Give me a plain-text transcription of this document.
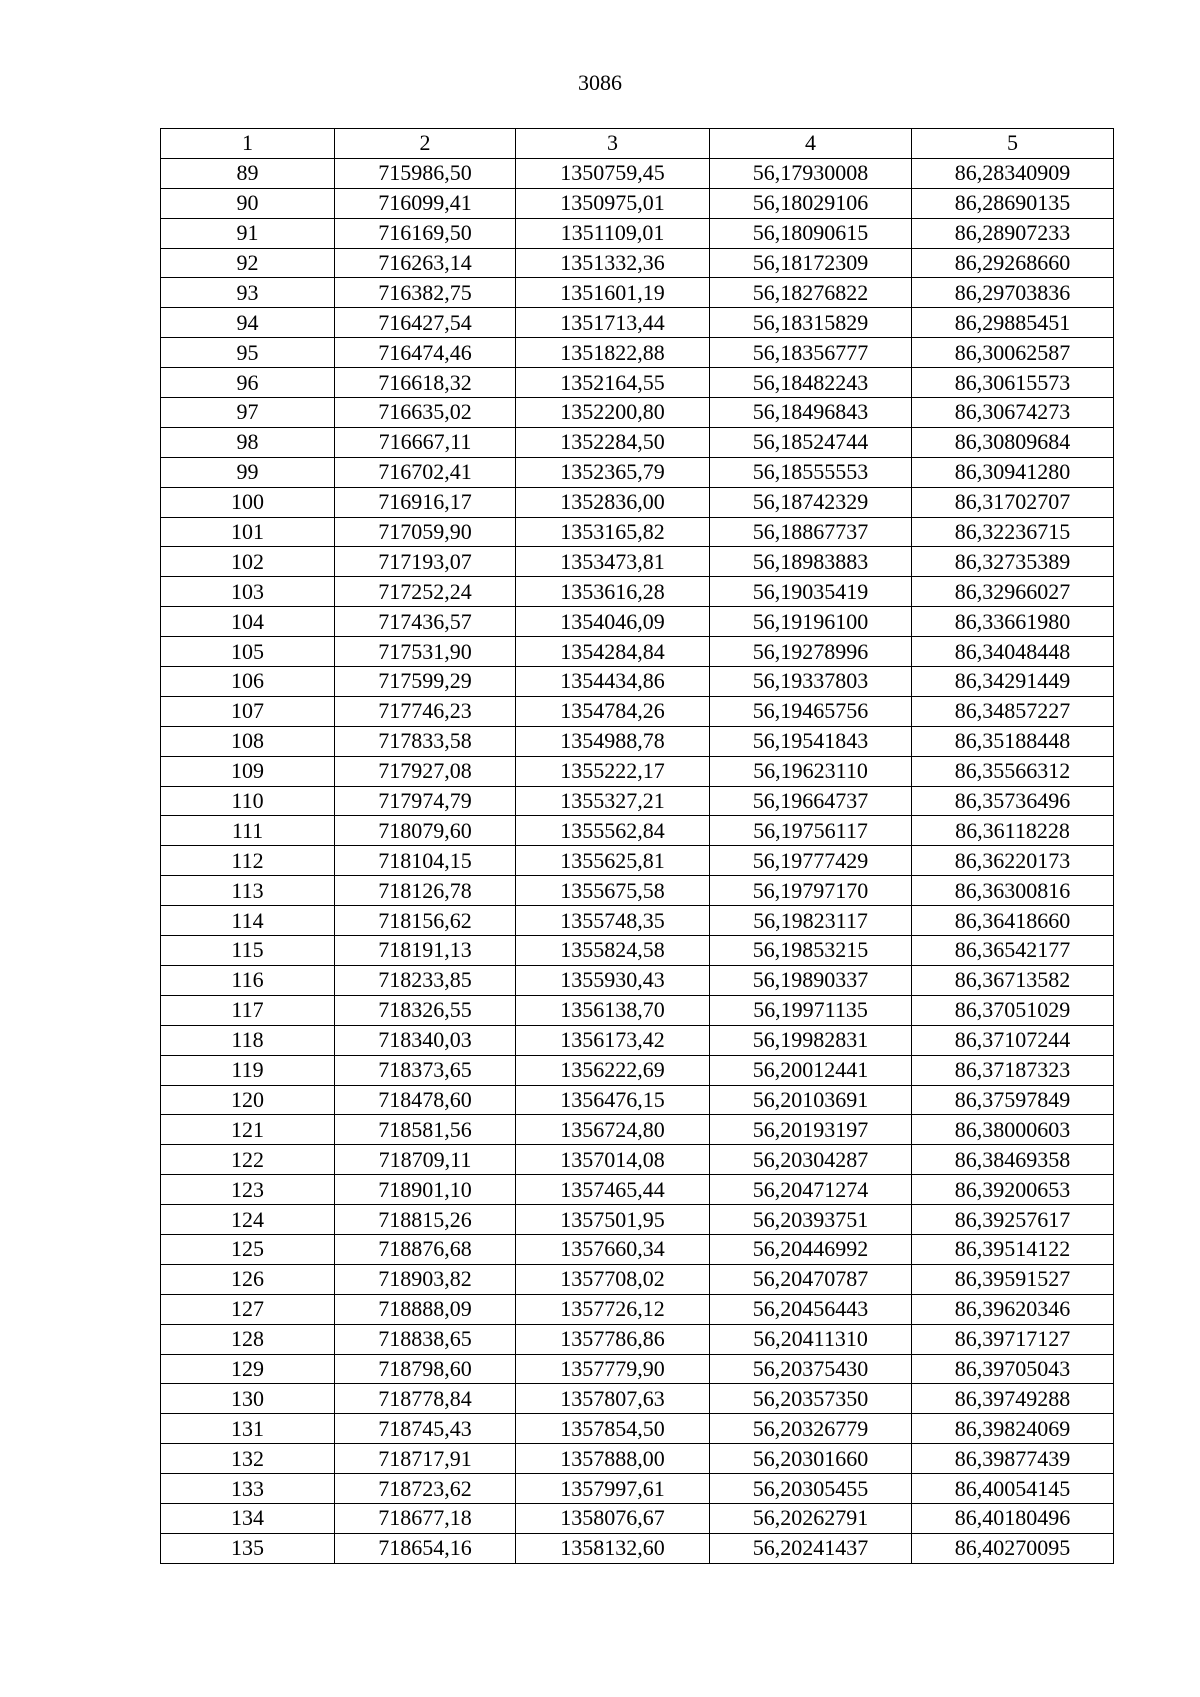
3086
1	2	3	4	5
89	715986,50	1350759,45	56,17930008	86,28340909
90	716099,41	1350975,01	56,18029106	86,28690135
91	716169,50	1351109,01	56,18090615	86,28907233
92	716263,14	1351332,36	56,18172309	86,29268660
93	716382,75	1351601,19	56,18276822	86,29703836
94	716427,54	1351713,44	56,18315829	86,29885451
95	716474,46	1351822,88	56,18356777	86,30062587
96	716618,32	1352164,55	56,18482243	86,30615573
97	716635,02	1352200,80	56,18496843	86,30674273
98	716667,11	1352284,50	56,18524744	86,30809684
99	716702,41	1352365,79	56,18555553	86,30941280
100	716916,17	1352836,00	56,18742329	86,31702707
101	717059,90	1353165,82	56,18867737	86,32236715
102	717193,07	1353473,81	56,18983883	86,32735389
103	717252,24	1353616,28	56,19035419	86,32966027
104	717436,57	1354046,09	56,19196100	86,33661980
105	717531,90	1354284,84	56,19278996	86,34048448
106	717599,29	1354434,86	56,19337803	86,34291449
107	717746,23	1354784,26	56,19465756	86,34857227
108	717833,58	1354988,78	56,19541843	86,35188448
109	717927,08	1355222,17	56,19623110	86,35566312
110	717974,79	1355327,21	56,19664737	86,35736496
111	718079,60	1355562,84	56,19756117	86,36118228
112	718104,15	1355625,81	56,19777429	86,36220173
113	718126,78	1355675,58	56,19797170	86,36300816
114	718156,62	1355748,35	56,19823117	86,36418660
115	718191,13	1355824,58	56,19853215	86,36542177
116	718233,85	1355930,43	56,19890337	86,36713582
117	718326,55	1356138,70	56,19971135	86,37051029
118	718340,03	1356173,42	56,19982831	86,37107244
119	718373,65	1356222,69	56,20012441	86,37187323
120	718478,60	1356476,15	56,20103691	86,37597849
121	718581,56	1356724,80	56,20193197	86,38000603
122	718709,11	1357014,08	56,20304287	86,38469358
123	718901,10	1357465,44	56,20471274	86,39200653
124	718815,26	1357501,95	56,20393751	86,39257617
125	718876,68	1357660,34	56,20446992	86,39514122
126	718903,82	1357708,02	56,20470787	86,39591527
127	718888,09	1357726,12	56,20456443	86,39620346
128	718838,65	1357786,86	56,20411310	86,39717127
129	718798,60	1357779,90	56,20375430	86,39705043
130	718778,84	1357807,63	56,20357350	86,39749288
131	718745,43	1357854,50	56,20326779	86,39824069
132	718717,91	1357888,00	56,20301660	86,39877439
133	718723,62	1357997,61	56,20305455	86,40054145
134	718677,18	1358076,67	56,20262791	86,40180496
135	718654,16	1358132,60	56,20241437	86,40270095
